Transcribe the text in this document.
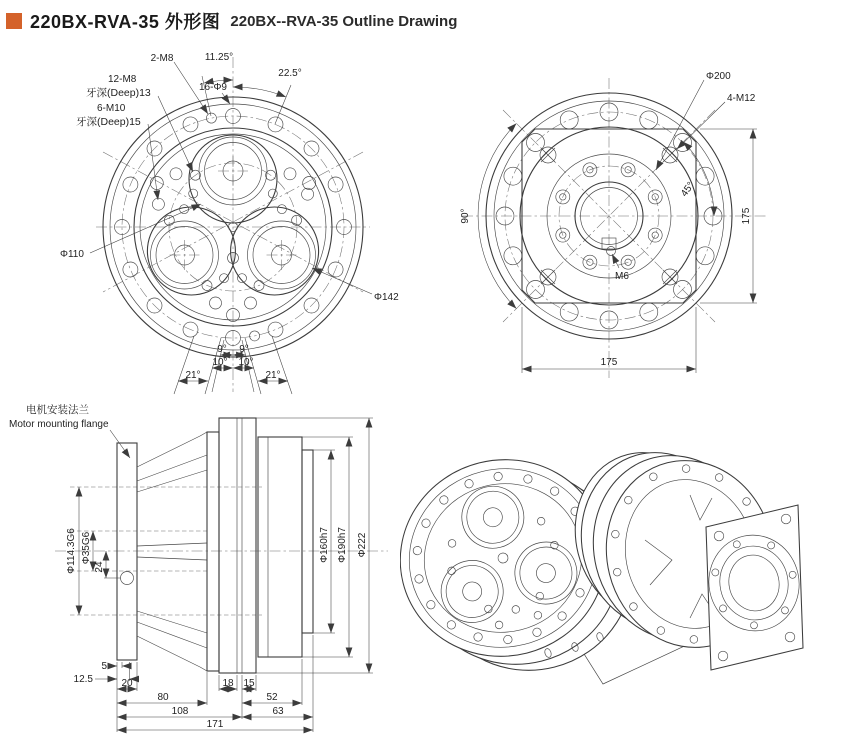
220BX-RVA-35 外形图 220BX--RVA-35 Outline Drawing
2-M8	11.25°
22.5°
16-Φ9
12-M8
牙深(Deep)13
6-M10
牙深(Deep)15
Φ110
Φ142
9° 9°
10° 10°
21°	21°
Φ200
4-M12
45°
90°
M6
175
175
电机安装法兰
Motor mounting flange
Φ114.3G6 Φ35G6
24
Φ160h7 Φ190h7 Φ222
5
12.5	20	18 15
80	52
108	63
171
